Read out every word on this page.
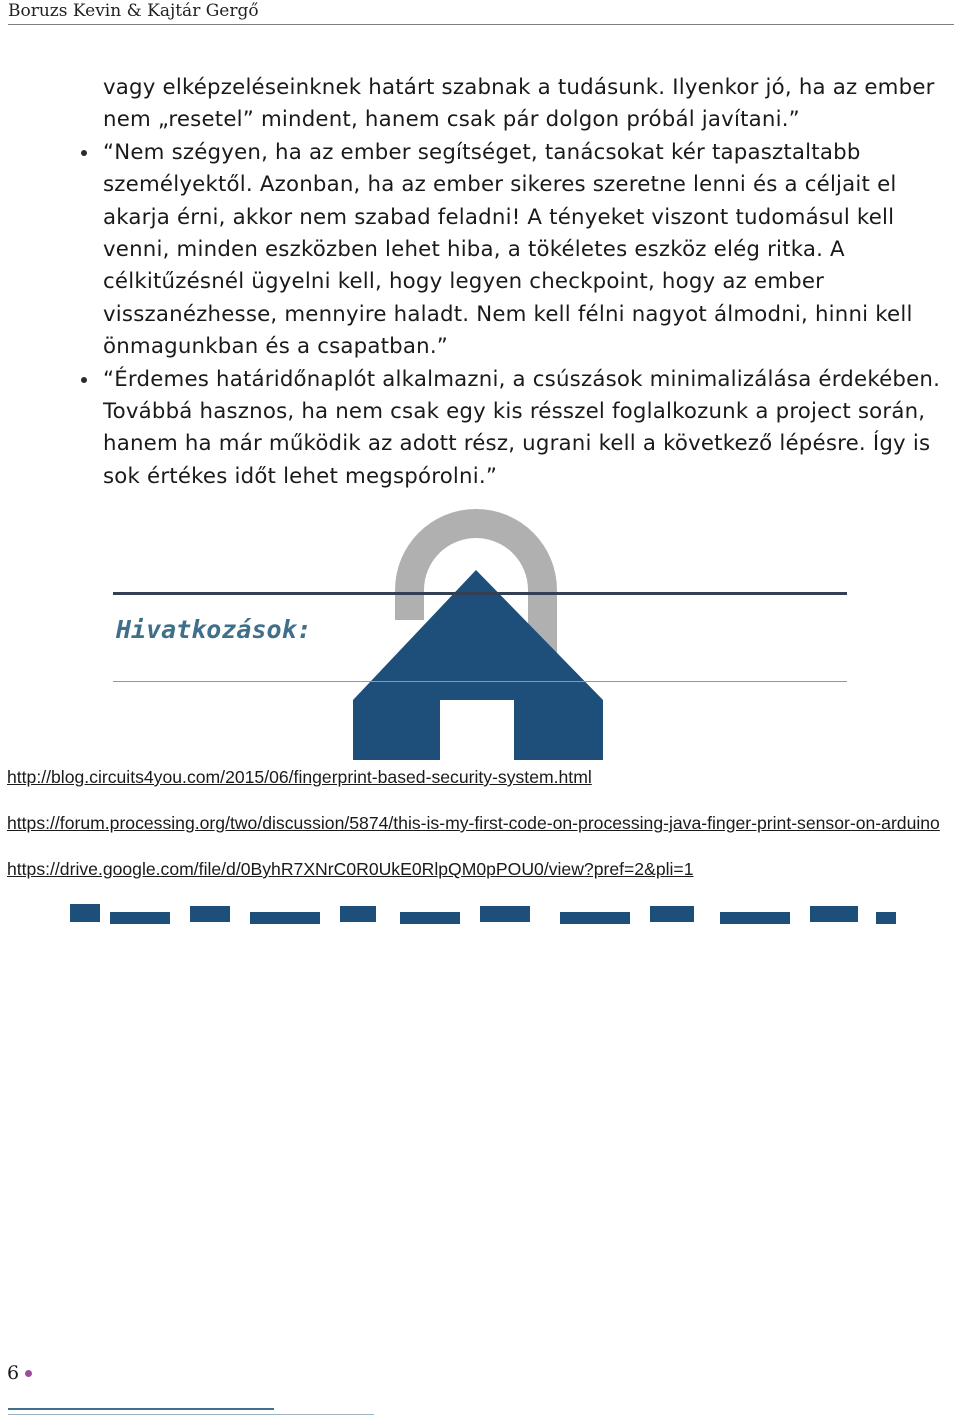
Boruzs Kevin & Kajtár Gergő

vagy elképzeléseinknek határt szabnak a tudásunk. Ilyenkor jó, ha az ember nem „resetel” mindent, hanem csak pár dolgon próbál javítani.”

“Nem szégyen, ha az ember segítséget, tanácsokat kér tapasztaltabb személyektől. Azonban, ha az ember sikeres szeretne lenni és a céljait el akarja érni, akkor nem szabad feladni! A tényeket viszont tudomásul kell venni, minden eszközben lehet hiba, a tökéletes eszköz elég ritka. A célkitűzésnél ügyelni kell, hogy legyen checkpoint, hogy az ember visszanézhesse, mennyire haladt. Nem kell félni nagyot álmodni, hinni kell önmagunkban és a csapatban.”
“Érdemes határidőnaplót alkalmazni, a csúszások minimalizálása érdekében. Továbbá hasznos, ha nem csak egy kis résszel foglalkozunk a project során, hanem ha már működik az adott rész, ugrani kell a következő lépésre. Így is sok értékes időt lehet megspórolni.”
Hivatkozások:

http://blog.circuits4you.com/2015/06/fingerprint-based-security-system.html

https://forum.processing.org/two/discussion/5874/this-is-my-first-code-on-processing-java-finger-print-sensor-on-arduino

https://drive.google.com/file/d/0ByhR7XNrC0R0UkE0RlpQM0pPOU0/view?pref=2&pli=1

6
